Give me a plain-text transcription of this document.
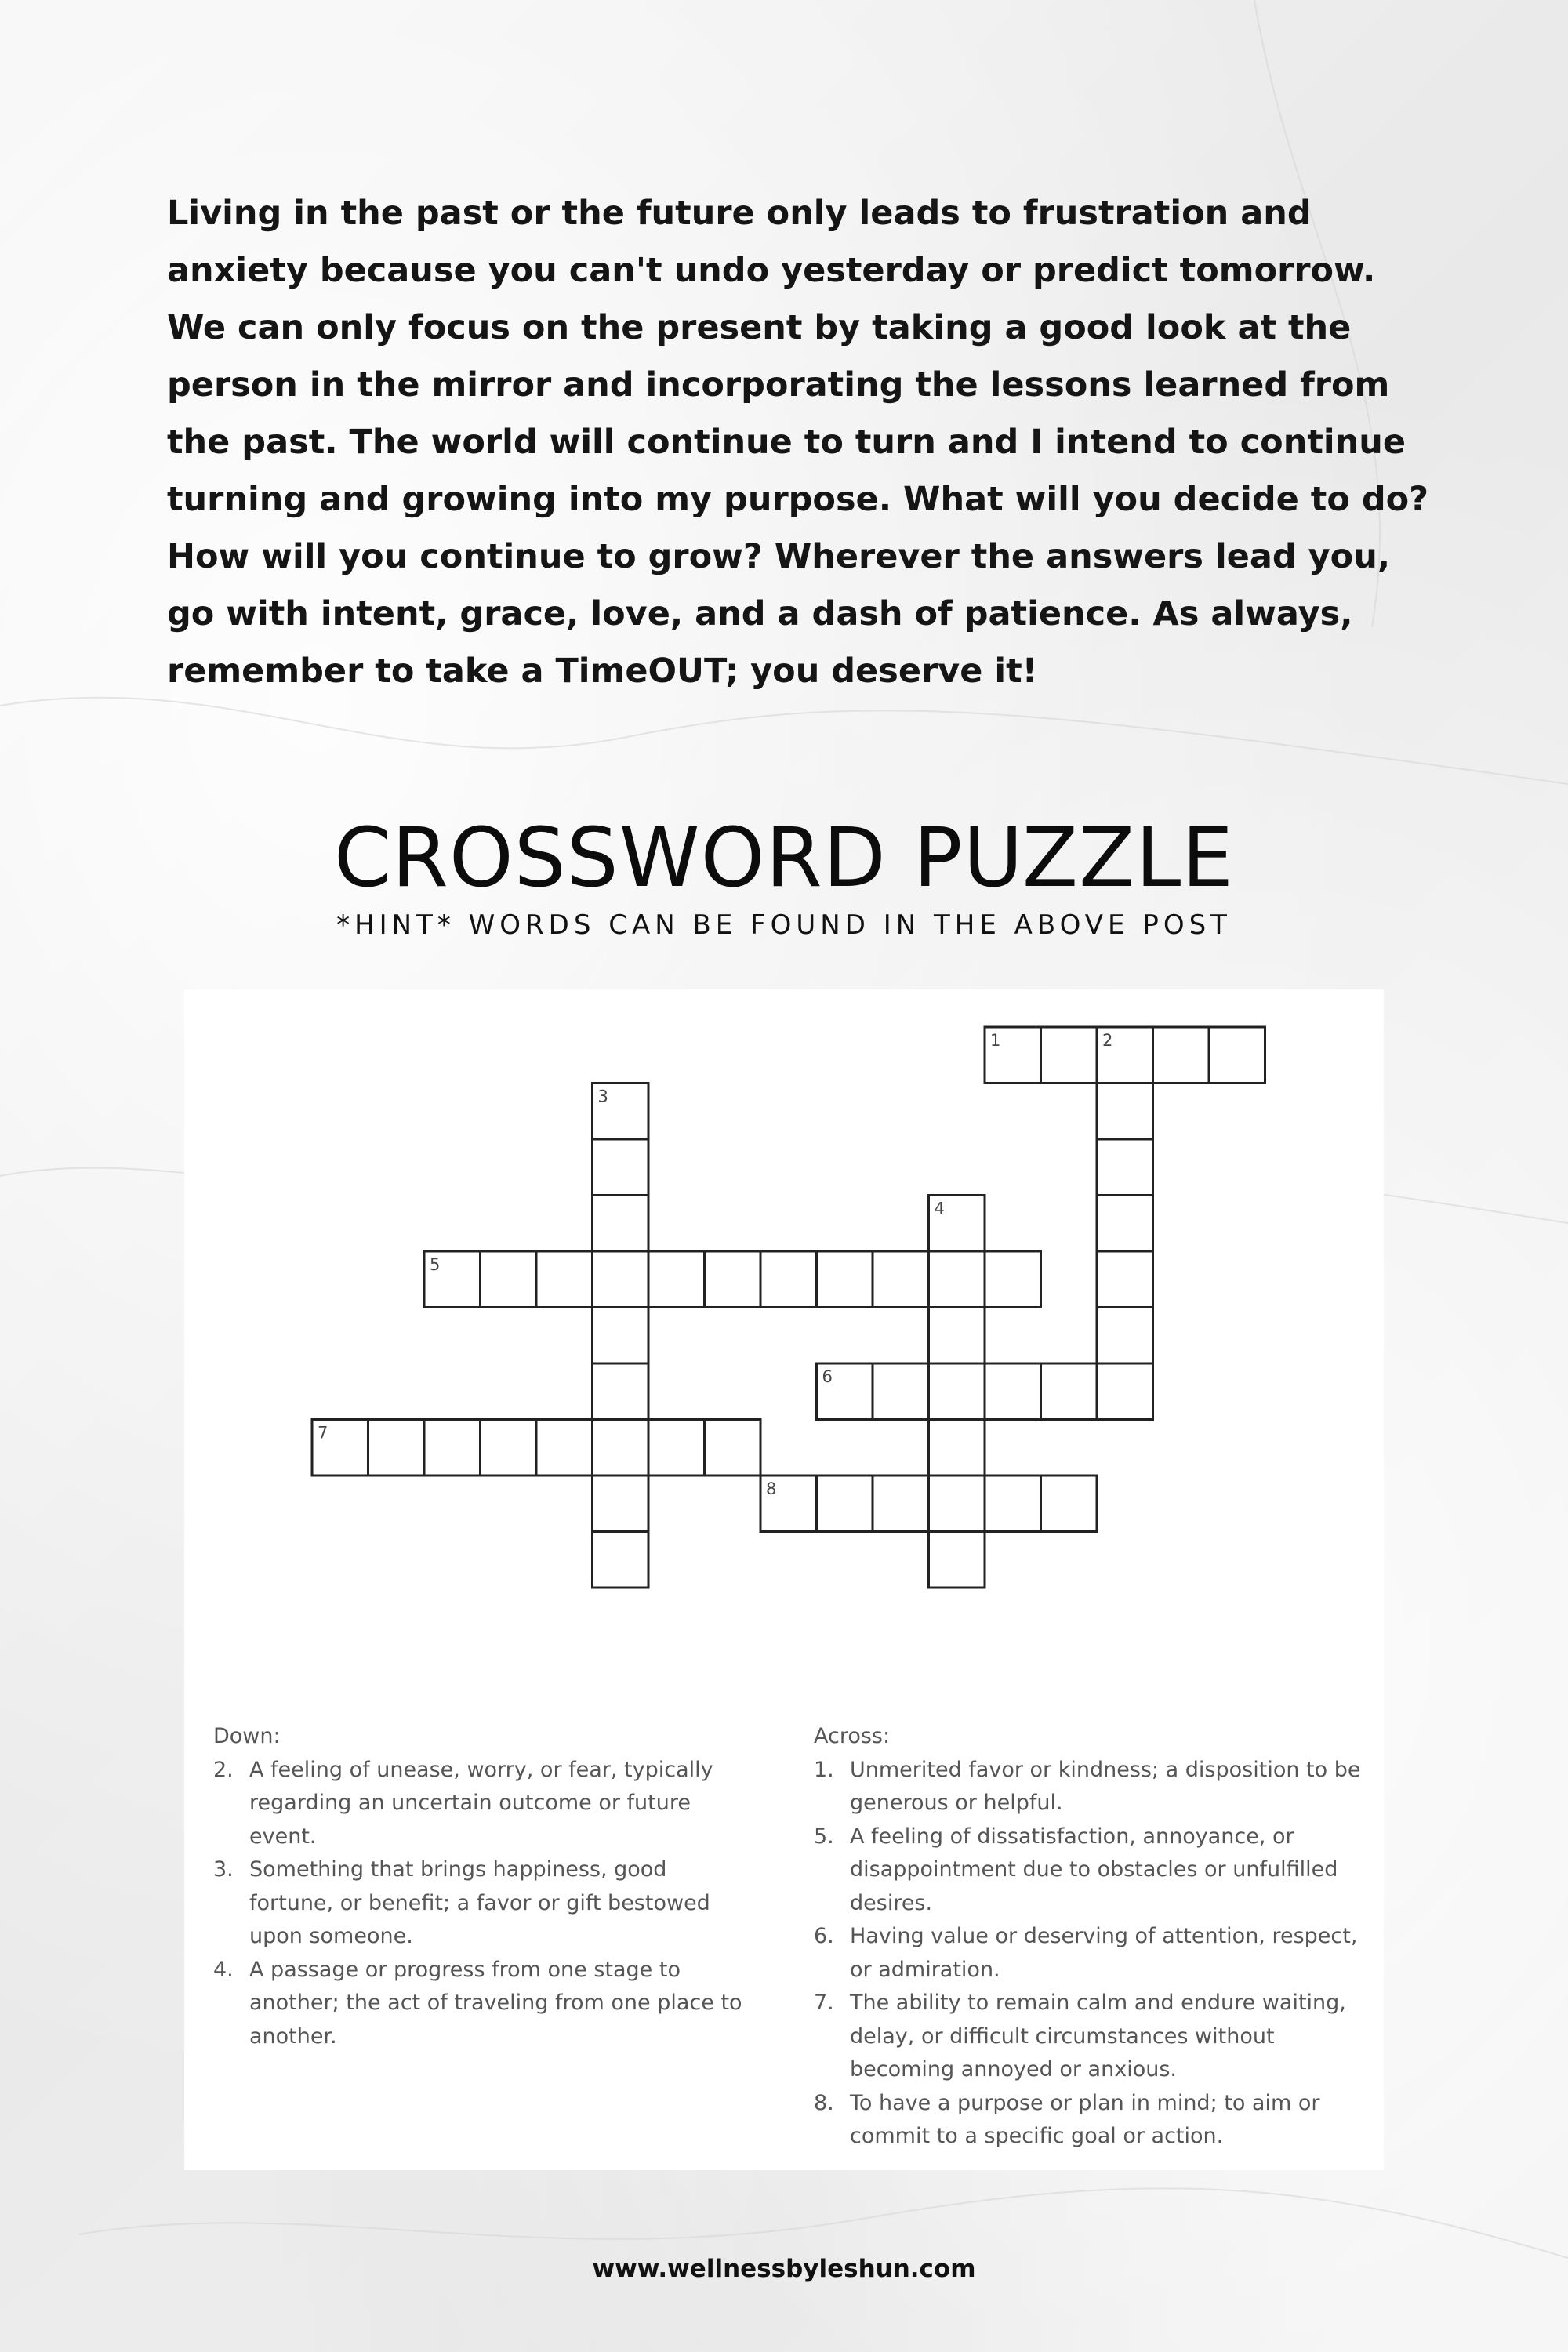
Living in the past or the future only leads to frustration and anxiety because you can't undo yesterday or predict tomorrow. We can only focus on the present by taking a good look at the person in the mirror and incorporating the lessons learned from the past. The world will continue to turn and I intend to continue turning and growing into my purpose. What will you decide to do? How will you continue to grow? Wherever the answers lead you, go with intent, grace, love, and a dash of patience. As always, remember to take a TimeOUT; you deserve it!

CROSSWORD PUZZLE
*HINT* WORDS CAN BE FOUND IN THE ABOVE POST
1	2
3
4
5
6
7
8
Down:
2. A feeling of unease, worry, or fear, typically regarding an uncertain outcome or future event.
3. Something that brings happiness, good fortune, or benefit; a favor or gift bestowed upon someone.
4. A passage or progress from one stage to another; the act of traveling from one place to another.
Across:
1. Unmerited favor or kindness; a disposition to be generous or helpful.
5. A feeling of dissatisfaction, annoyance, or disappointment due to obstacles or unfulfilled desires.
6. Having value or deserving of attention, respect, or admiration.
7. The ability to remain calm and endure waiting, delay, or difficult circumstances without becoming annoyed or anxious.
8. To have a purpose or plan in mind; to aim or commit to a specific goal or action.
www.wellnessbyleshun.com
